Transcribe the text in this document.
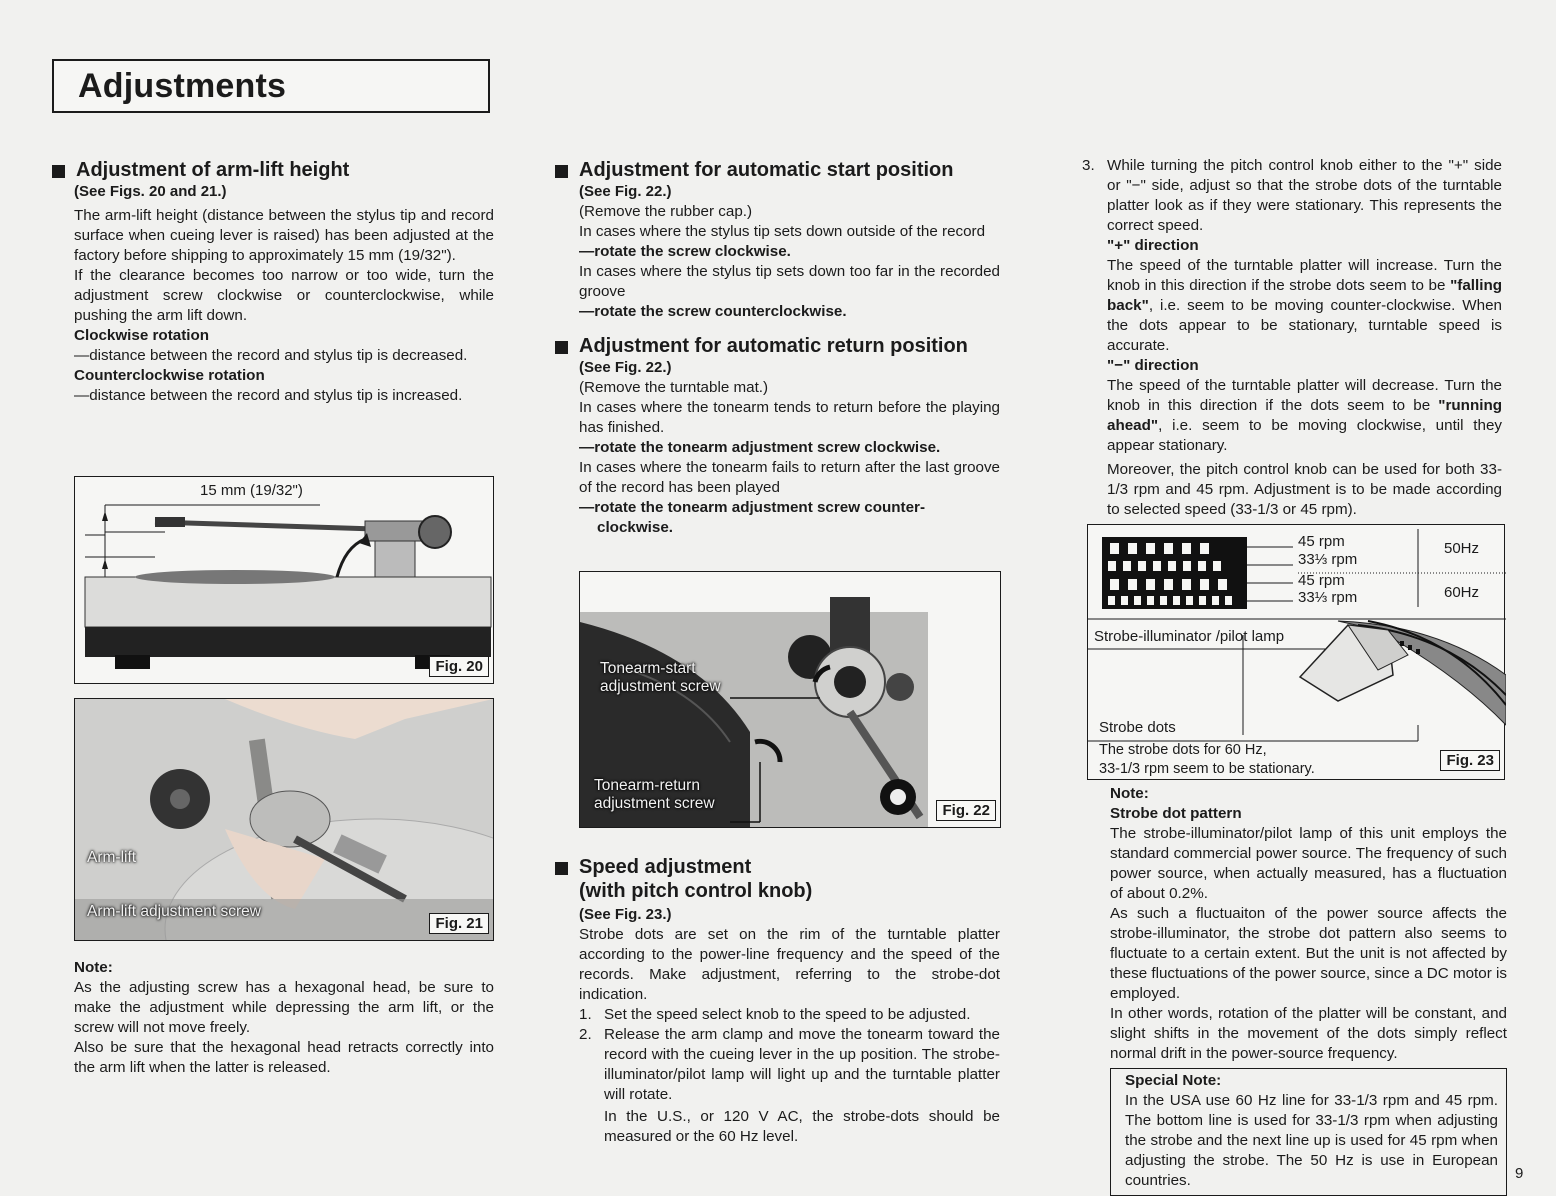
Adjustments
Adjustment of arm-lift height

(See Figs. 20 and 21.)

The arm-lift height (distance between the stylus tip and record surface when cueing lever is raised) has been adjusted at the factory before shipping to approximately 15 mm (19/32").

If the clearance becomes too narrow or too wide, turn the adjustment screw clockwise or counterclockwise, while pushing the arm lift down.

Clockwise rotation

—distance between the record and stylus tip is decreased.

Counterclockwise rotation

—distance between the record and stylus tip is increased.

15 mm (19/32")
Fig. 20
Arm-lift
Arm-lift adjustment screw
Fig. 21

Note:

As the adjusting screw has a hexagonal head, be sure to make the adjustment while depressing the arm lift, or the screw will not move freely.

Also be sure that the hexagonal head retracts correctly into the arm lift when the latter is released.

Adjustment for automatic start position

(See Fig. 22.)

(Remove the rubber cap.)

In cases where the stylus tip sets down outside of the record

—rotate the screw clockwise.

In cases where the stylus tip sets down too far in the recorded groove

—rotate the screw counterclockwise.

Adjustment for automatic return position

(See Fig. 22.)

(Remove the turntable mat.)

In cases where the tonearm tends to return before the playing has finished.

—rotate the tonearm adjustment screw clockwise.

In cases where the tonearm fails to return after the last groove of the record has been played

—rotate the tonearm adjustment screw counter-clockwise.

Tonearm-start adjustment screw
Tonearm-return adjustment screw	Fig. 22
Speed adjustment
(with pitch control knob)

(See Fig. 23.)

Strobe dots are set on the rim of the turntable platter according to the power-line frequency and the speed of the records. Make adjustment, referring to the strobe-dot indication.

1. Set the speed select knob to the speed to be adjusted.
2. Release the arm clamp and move the tonearm toward the record with the cueing lever in the up position. The strobe-illuminator/pilot lamp will light up and the turntable platter will rotate.
In the U.S., or 120 V AC, the strobe-dots should be measured or the 60 Hz level.
3. While turning the pitch control knob either to the "+" side or "−" side, adjust so that the strobe dots of the turntable platter look as if they were stationary. This represents the correct speed.

"+" direction

The speed of the turntable platter will increase. Turn the knob in this direction if the strobe dots seem to be "falling back", i.e. seem to be moving counter-clockwise. When the dots appear to be stationary, turntable speed is accurate.

"−" direction

The speed of the turntable platter will decrease. Turn the knob in this direction if the dots seem to be "running ahead", i.e. seem to be moving clockwise, until they appear stationary.

Moreover, the pitch control knob can be used for both 33-1/3 rpm and 45 rpm. Adjustment is to be made according to selected speed (33-1/3 or 45 rpm).

45 rpm
33⅓ rpm
45 rpm
33⅓ rpm
50Hz
60Hz
Strobe-illuminator /pilot lamp
Strobe dots
The strobe dots for 60 Hz,
33-1/3 rpm seem to be stationary.	Fig. 23

Note:

Strobe dot pattern

The strobe-illuminator/pilot lamp of this unit employs the standard commercial power source. The frequency of such power source, when actually measured, has a fluctuation of about 0.2%.

As such a fluctuaiton of the power source affects the strobe-illuminator, the strobe dot pattern also seems to fluctuate to a certain extent. But the unit is not affected by these fluctuations of the power source, since a DC motor is employed.

In other words, rotation of the platter will be constant, and slight shifts in the movement of the dots simply reflect normal drift in the power-source frequency.

Special Note:

In the USA use 60 Hz line for 33-1/3 rpm and 45 rpm. The bottom line is used for 33-1/3 rpm when adjusting the strobe and the next line up is used for 45 rpm when adjusting the strobe. The 50 Hz is use in European countries.	9
